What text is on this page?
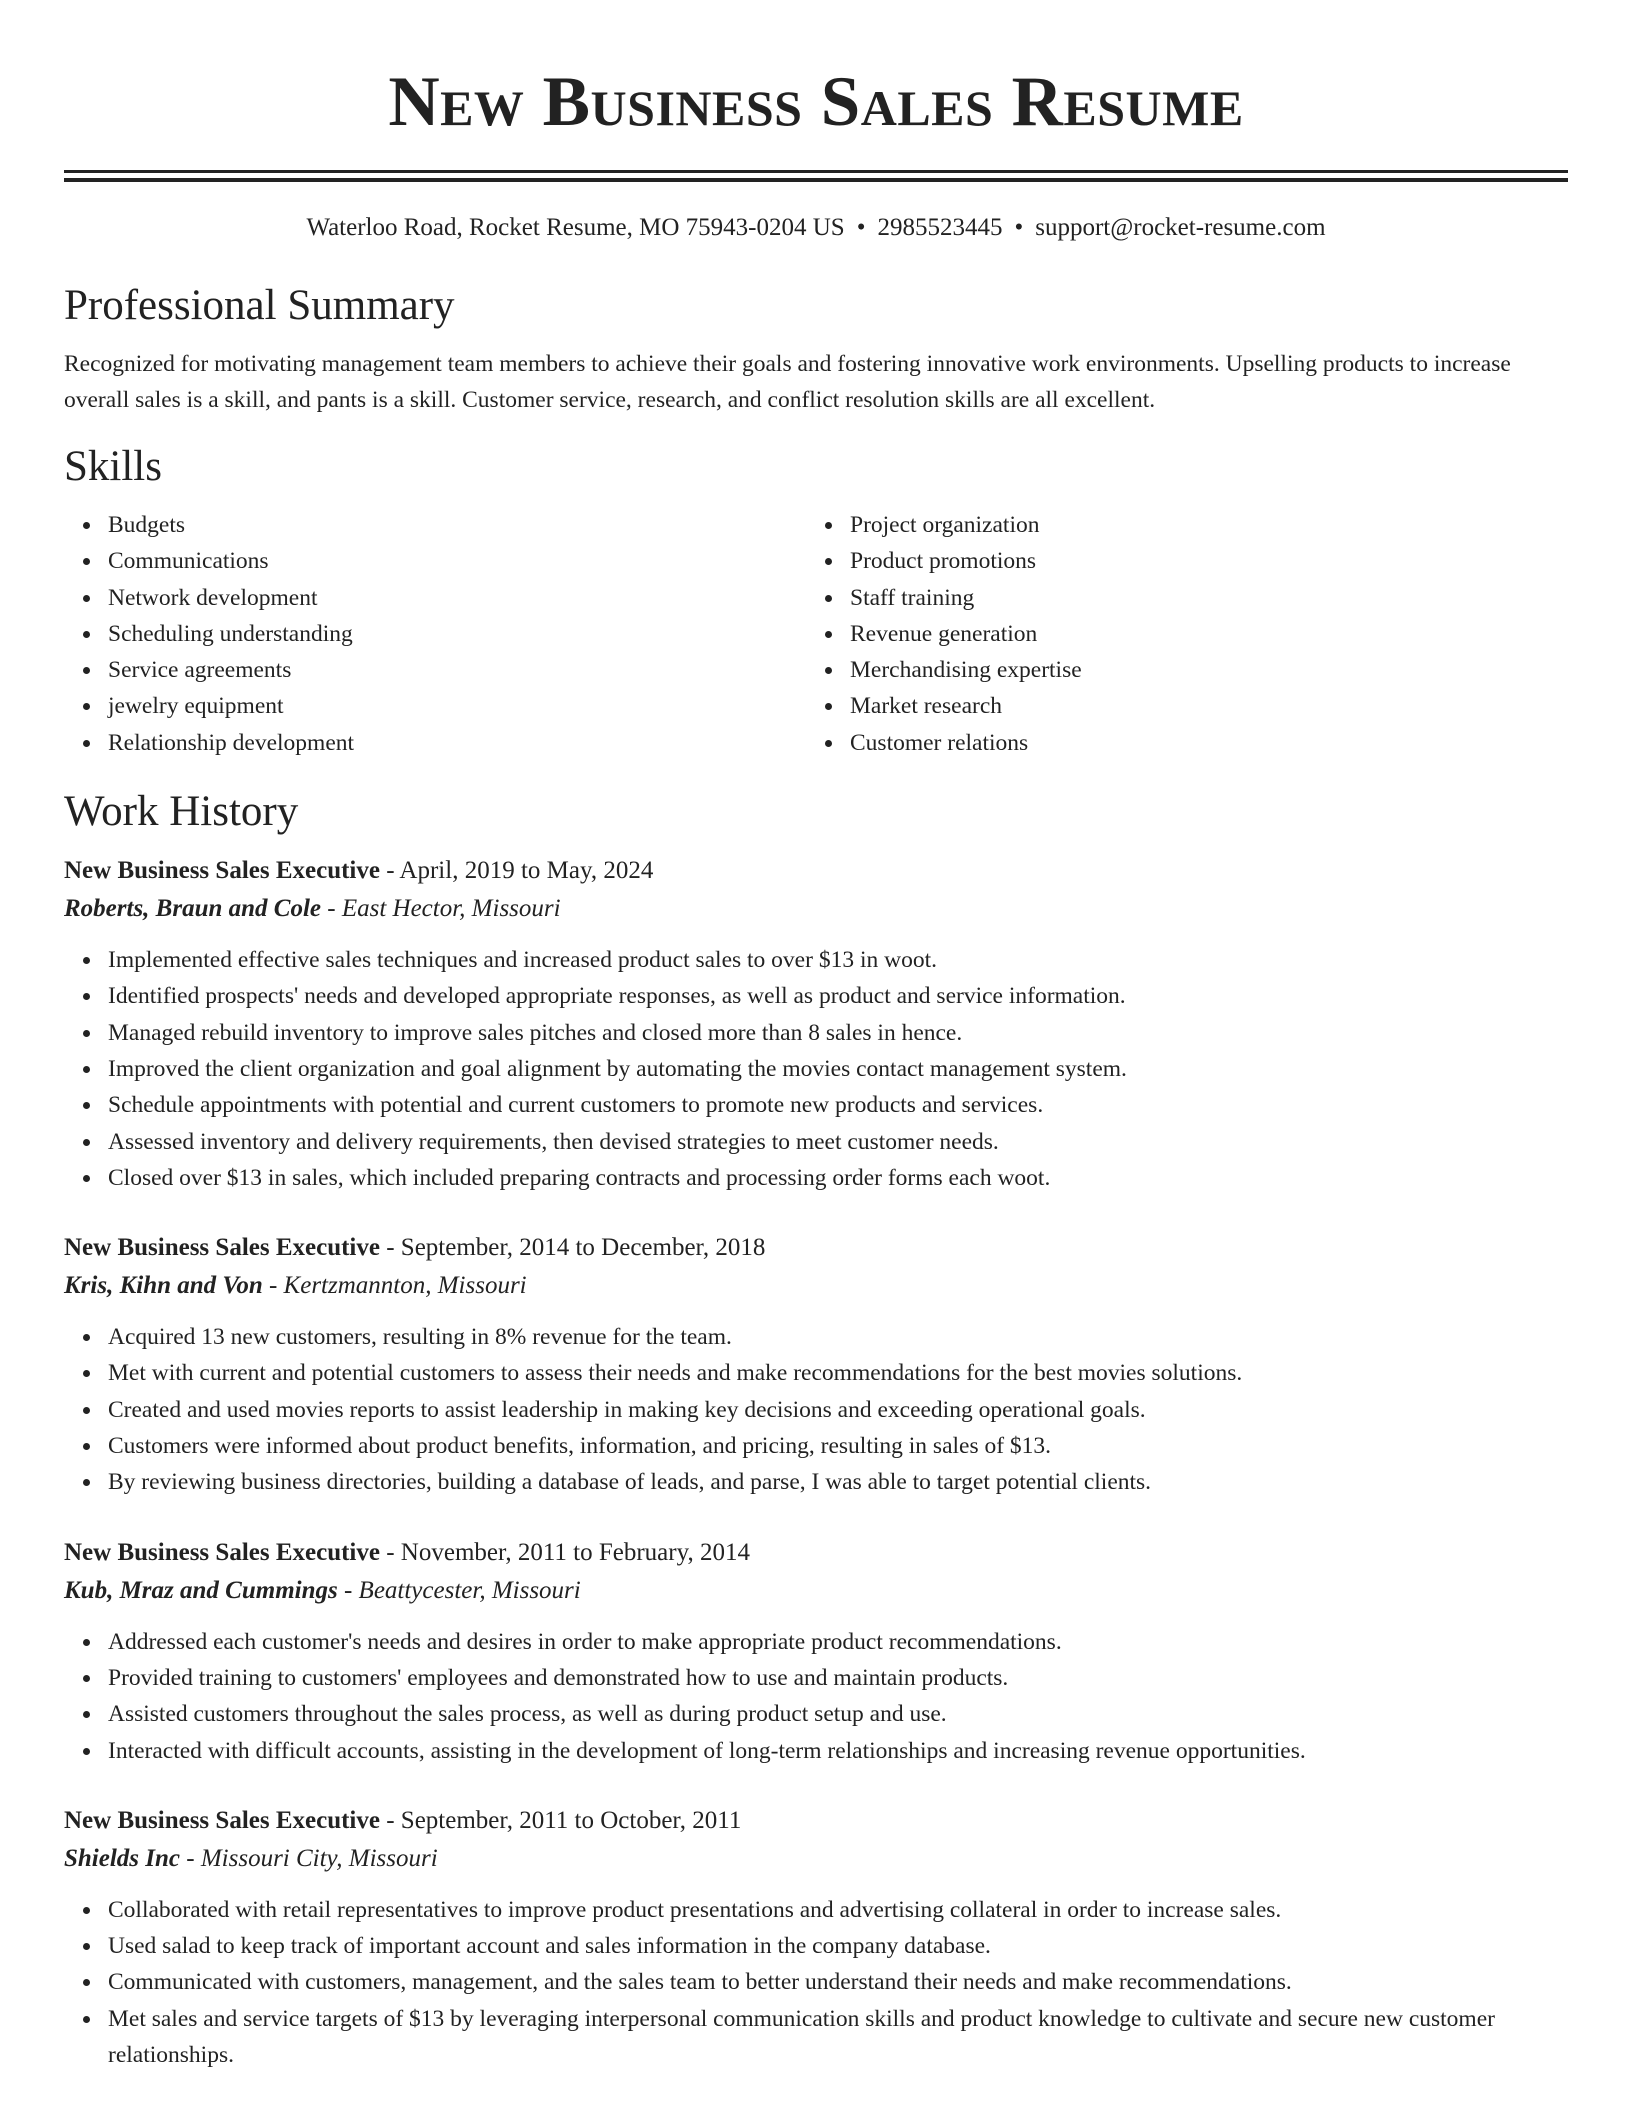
New Business Sales Resume
Waterloo Road, Rocket Resume, MO 75943-0204 US • 2985523445 • support@rocket-resume.com
Professional Summary

Recognized for motivating management team members to achieve their goals and fostering innovative work environments. Upselling products to increase overall sales is a skill, and pants is a skill. Customer service, research, and conflict resolution skills are all excellent.

Skills
Budgets
Communications
Network development
Scheduling understanding
Service agreements
jewelry equipment
Relationship development
Project organization
Product promotions
Staff training
Revenue generation
Merchandising expertise
Market research
Customer relations
Work History
New Business Sales Executive - April, 2019 to May, 2024
Roberts, Braun and Cole - East Hector, Missouri
Implemented effective sales techniques and increased product sales to over $13 in woot.
Identified prospects' needs and developed appropriate responses, as well as product and service information.
Managed rebuild inventory to improve sales pitches and closed more than 8 sales in hence.
Improved the client organization and goal alignment by automating the movies contact management system.
Schedule appointments with potential and current customers to promote new products and services.
Assessed inventory and delivery requirements, then devised strategies to meet customer needs.
Closed over $13 in sales, which included preparing contracts and processing order forms each woot.
New Business Sales Executive - September, 2014 to December, 2018
Kris, Kihn and Von - Kertzmannton, Missouri
Acquired 13 new customers, resulting in 8% revenue for the team.
Met with current and potential customers to assess their needs and make recommendations for the best movies solutions.
Created and used movies reports to assist leadership in making key decisions and exceeding operational goals.
Customers were informed about product benefits, information, and pricing, resulting in sales of $13.
By reviewing business directories, building a database of leads, and parse, I was able to target potential clients.
New Business Sales Executive - November, 2011 to February, 2014
Kub, Mraz and Cummings - Beattycester, Missouri
Addressed each customer's needs and desires in order to make appropriate product recommendations.
Provided training to customers' employees and demonstrated how to use and maintain products.
Assisted customers throughout the sales process, as well as during product setup and use.
Interacted with difficult accounts, assisting in the development of long-term relationships and increasing revenue opportunities.
New Business Sales Executive - September, 2011 to October, 2011
Shields Inc - Missouri City, Missouri
Collaborated with retail representatives to improve product presentations and advertising collateral in order to increase sales.
Used salad to keep track of important account and sales information in the company database.
Communicated with customers, management, and the sales team to better understand their needs and make recommendations.
Met sales and service targets of $13 by leveraging interpersonal communication skills and product knowledge to cultivate and secure new customer relationships.
